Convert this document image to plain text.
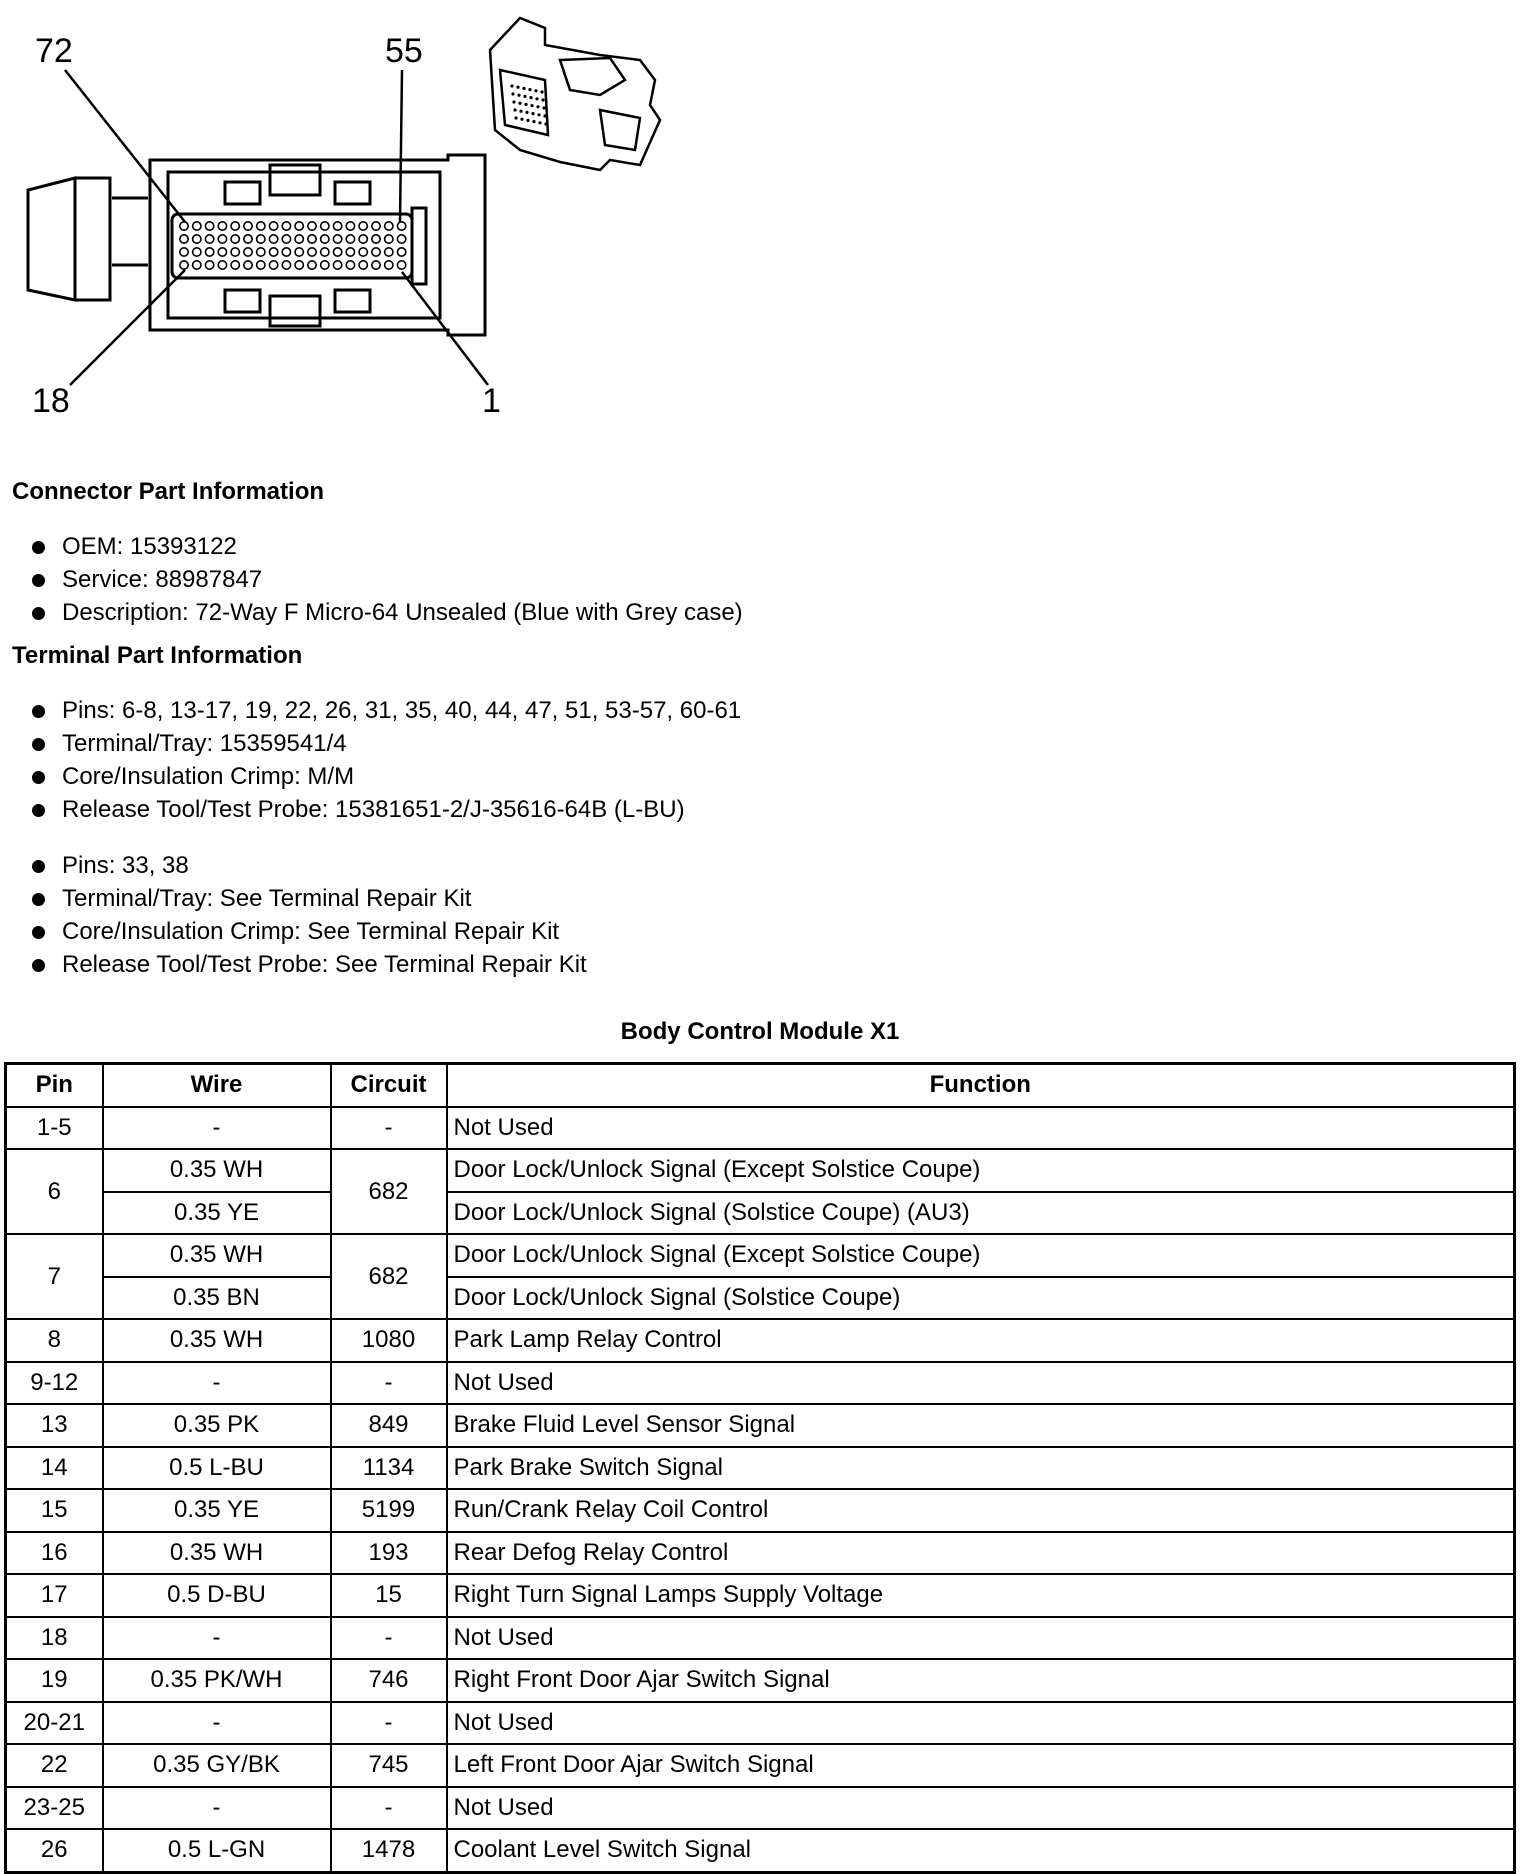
72	55
18	1
Connector Part Information
OEM: 15393122
Service: 88987847
Description: 72-Way F Micro-64 Unsealed (Blue with Grey case)
Terminal Part Information
Pins: 6-8, 13-17, 19, 22, 26, 31, 35, 40, 44, 47, 51, 53-57, 60-61
Terminal/Tray: 15359541/4
Core/Insulation Crimp: M/M
Release Tool/Test Probe: 15381651-2/J-35616-64B (L-BU)
Pins: 33, 38
Terminal/Tray: See Terminal Repair Kit
Core/Insulation Crimp: See Terminal Repair Kit
Release Tool/Test Probe: See Terminal Repair Kit
Body Control Module X1
Pin	Wire	Circuit	Function
1-5	-	-	Not Used
6	0.35 WH	682	Door Lock/Unlock Signal (Except Solstice Coupe)
	0.35 YE		Door Lock/Unlock Signal (Solstice Coupe) (AU3)
7	0.35 WH	682	Door Lock/Unlock Signal (Except Solstice Coupe)
	0.35 BN		Door Lock/Unlock Signal (Solstice Coupe)
8	0.35 WH	1080	Park Lamp Relay Control
9-12	-	-	Not Used
13	0.35 PK	849	Brake Fluid Level Sensor Signal
14	0.5 L-BU	1134	Park Brake Switch Signal
15	0.35 YE	5199	Run/Crank Relay Coil Control
16	0.35 WH	193	Rear Defog Relay Control
17	0.5 D-BU	15	Right Turn Signal Lamps Supply Voltage
18	-	-	Not Used
19	0.35 PK/WH	746	Right Front Door Ajar Switch Signal
20-21	-	-	Not Used
22	0.35 GY/BK	745	Left Front Door Ajar Switch Signal
23-25	-	-	Not Used
26	0.5 L-GN	1478	Coolant Level Switch Signal
